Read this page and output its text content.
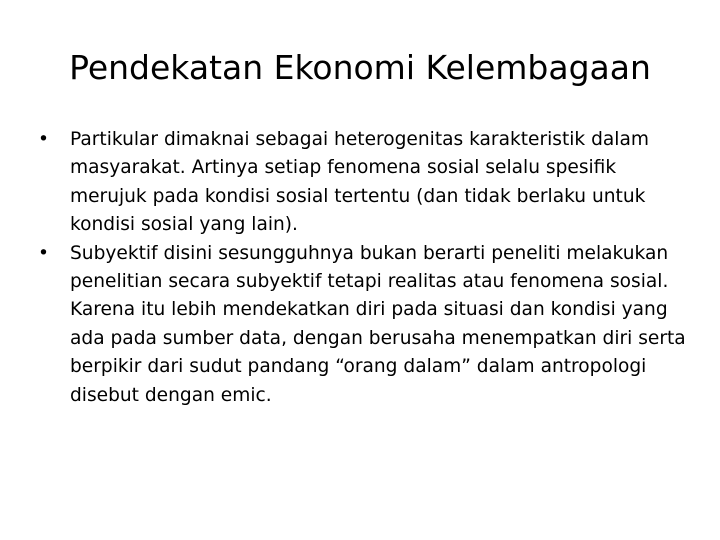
Pendekatan Ekonomi Kelembagaan
•	Partikular dimaknai sebagai heterogenitas karakteristik dalam masyarakat. Artinya setiap fenomena sosial selalu spesifik merujuk pada kondisi sosial tertentu (dan tidak berlaku untuk kondisi sosial yang lain).
•	Subyektif disini sesungguhnya bukan berarti peneliti melakukan penelitian secara subyektif tetapi realitas atau fenomena sosial. Karena itu lebih mendekatkan diri pada situasi dan kondisi yang ada pada sumber data, dengan berusaha menempatkan diri serta berpikir dari sudut pandang “orang dalam” dalam antropologi disebut dengan emic.
